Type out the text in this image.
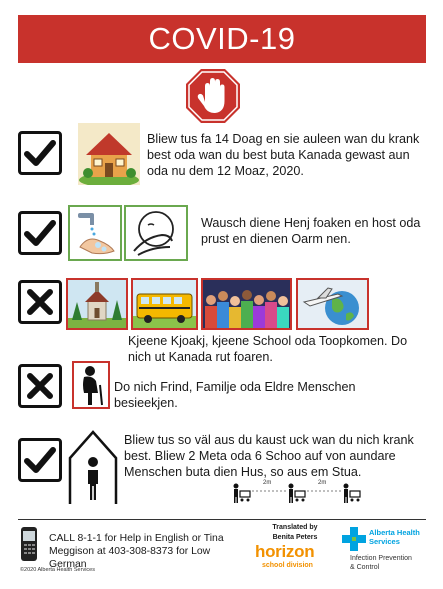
COVID-19
Bliew tus fa 14 Doag en sie auleen wan du krank best oda wan du best buta Kanada gewast aun oda nu dem 12 Moaz, 2020.
Wausch diene Henj foaken en host oda prust en dienen Oarm nen.
Kjeene Kjoakj, kjeene School oda Toopkomen. Do nich ut Kanada rut foaren.
Do nich Frind, Familje oda Eldre Menschen besieekjen.
Bliew tus so väl aus du kaust uck wan du nich krank best. Bliew 2 Meta oda 6 Schoo auf von aundare Menschen buta dien Hus, so aus em Stua.
2m	2m
CALL 8-1-1 for Help in English or Tina Meggison at 403-308-8373 for Low German
©2020 Alberta Health Services
Translated by
Benita Peters
horizon
school division
Alberta Health
Services
Infection Prevention
& Control
